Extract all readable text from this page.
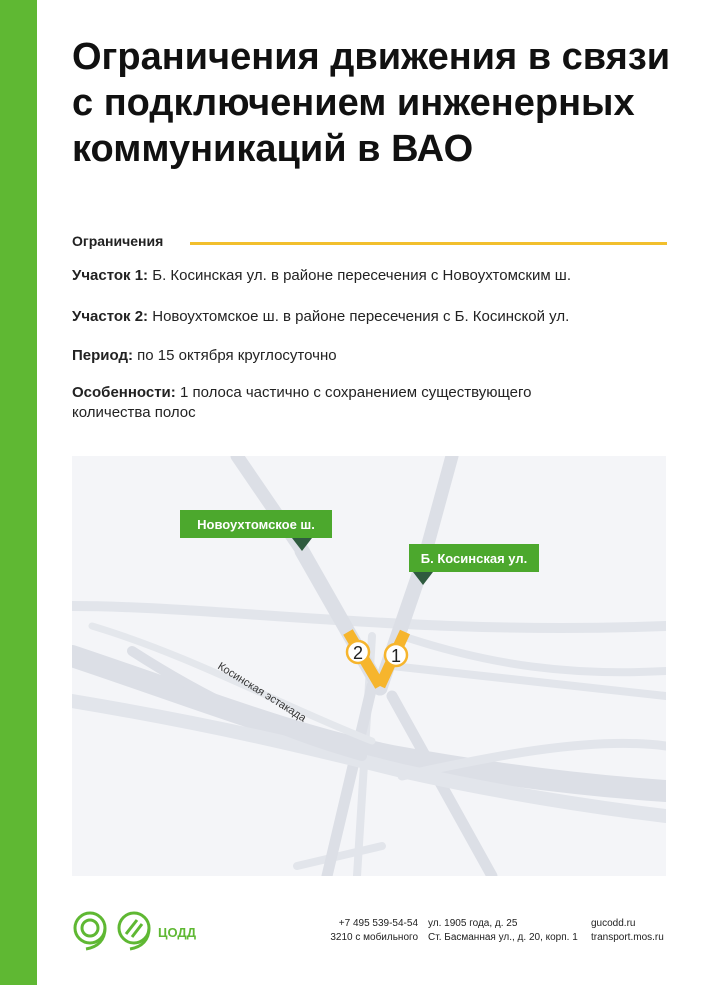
Ограничения движения в связи с подключением инженерных коммуникаций в ВАО
Ограничения

Участок 1: Б. Косинская ул. в районе пересечения с Новоухтомским ш.

Участок 2: Новоухтомское ш. в районе пересечения с Б. Косинской ул.

Период: по 15 октября круглосуточно

Особенности: 1 полоса частично с сохранением существующего количества полос

2 1
Новоухтомское ш.
Б. Косинская ул.
Косинская эстакада
ЦОДД
+7 495 539-54-54
3210 с мобильного
ул. 1905 года, д. 25
Ст. Басманная ул., д. 20, корп. 1
gucodd.ru
transport.mos.ru
